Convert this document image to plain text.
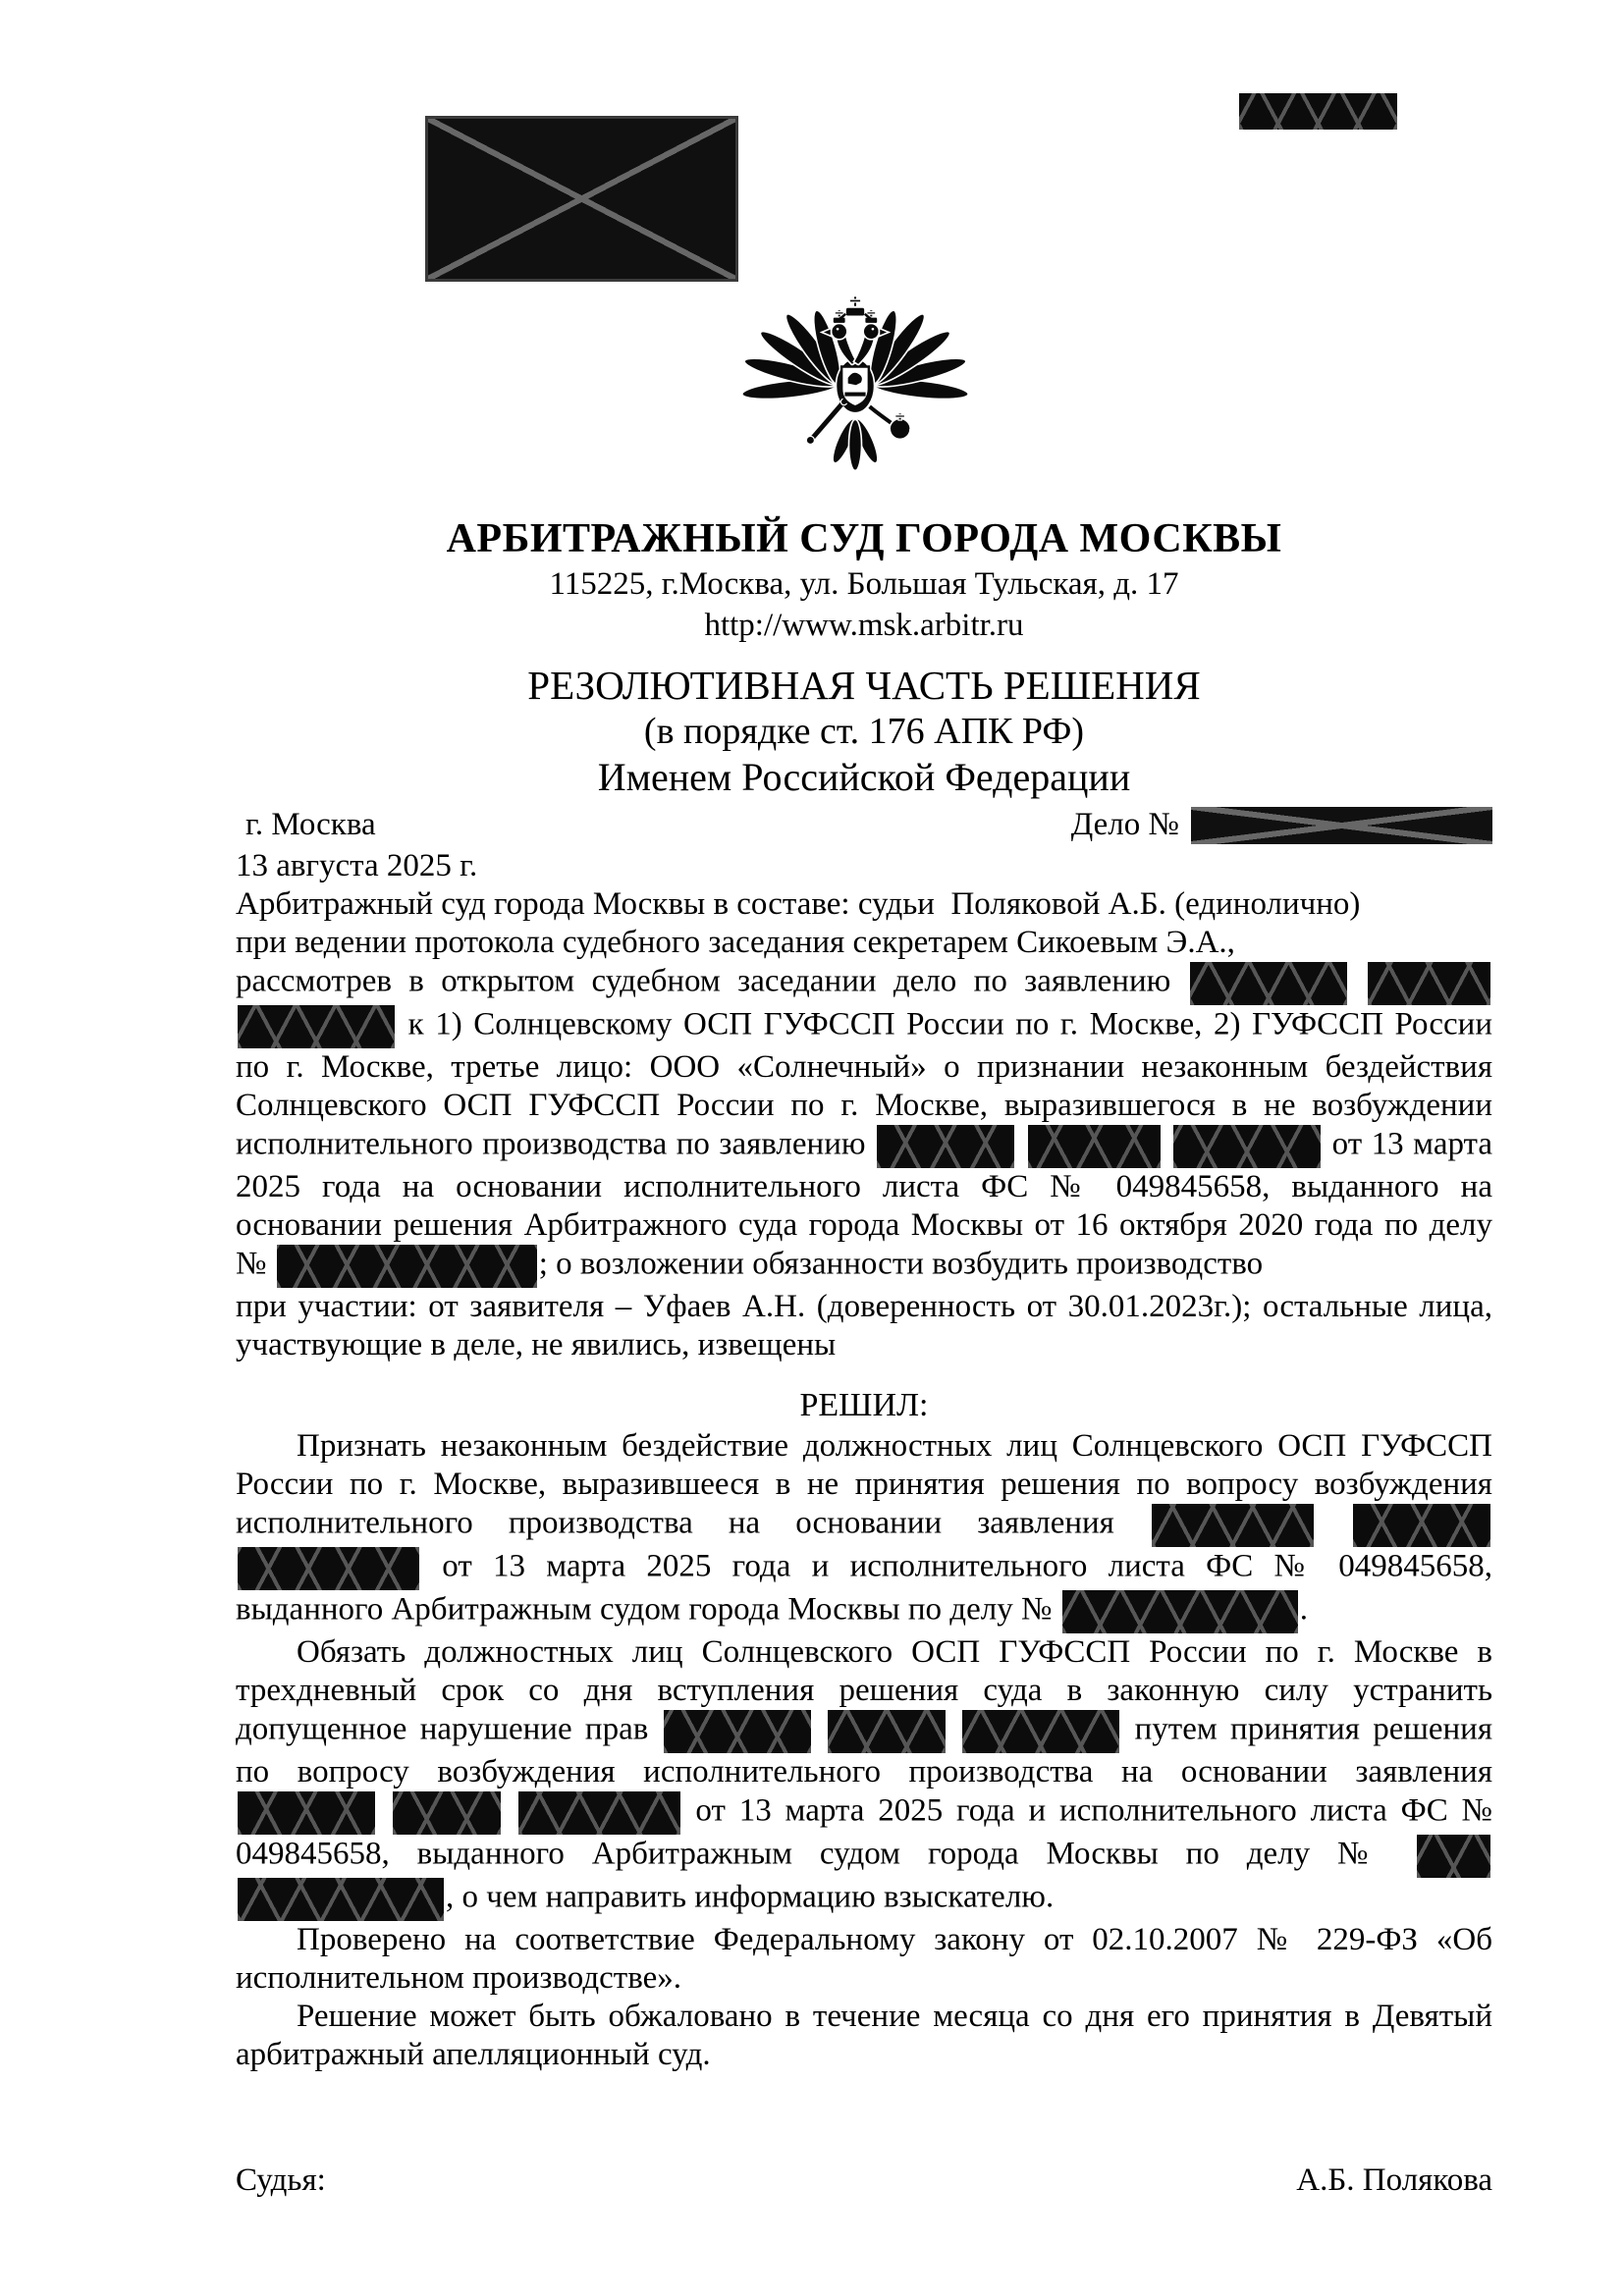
АРБИТРАЖНЫЙ СУД ГОРОДА МОСКВЫ

115225, г.Москва, ул. Большая Тульская, д. 17

http://www.msk.arbitr.ru

РЕЗОЛЮТИВНАЯ ЧАСТЬ РЕШЕНИЯ

(в порядке ст. 176 АПК РФ)

Именем Российской Федерации

г. Москва	Дело №

13 августа 2025 г.

Арбитражный суд города Москвы в составе: судьи  Поляковой А.Б. (единолично)

при ведении протокола судебного заседания секретарем Сикоевым Э.А.,

рассмотрев в открытом судебном заседании дело по заявлению    к 1) Солнцевскому ОСП ГУФССП России по г. Москве, 2) ГУФССП России по г. Москве, третье лицо: ООО «Солнечный» о признании незаконным бездействия Солнцевского ОСП ГУФССП России по г. Москве, выразившегося в не возбуждении исполнительного производства по заявлению	от 13 марта 2025 года на основании исполнительного листа ФС № 049845658, выданного на основании решения Арбитражного суда города Москвы от 16 октября 2020 года по делу №	; о возложении обязанности возбудить производство

при участии: от заявителя – Уфаев А.Н. (доверенность от 30.01.2023г.); остальные лица, участвующие в деле, не явились, извещены

РЕШИЛ:

Признать незаконным бездействие должностных лиц Солнцевского ОСП ГУФССП России по г. Москве, выразившееся в не принятия решения по вопросу возбуждения исполнительного производства на основании заявления    от 13 марта 2025 года и исполнительного листа ФС № 049845658, выданного Арбитражным судом города Москвы по делу №	.

Обязать должностных лиц Солнцевского ОСП ГУФССП России по г. Москве в трехдневный срок со дня вступления решения суда в законную силу устранить допущенное нарушение прав	путем принятия решения по вопросу возбуждения исполнительного производства на основании заявления    от 13 марта 2025 года и исполнительного листа ФС № 049845658, выданного Арбитражным судом города Москвы по делу №  , о чем направить информацию взыскателю.

Проверено на соответствие Федеральному закону от 02.10.2007 № 229-ФЗ «Об исполнительном производстве».

Решение может быть обжаловано в течение месяца со дня его принятия в Девятый арбитражный апелляционный суд.

Судья:	А.Б. Полякова
